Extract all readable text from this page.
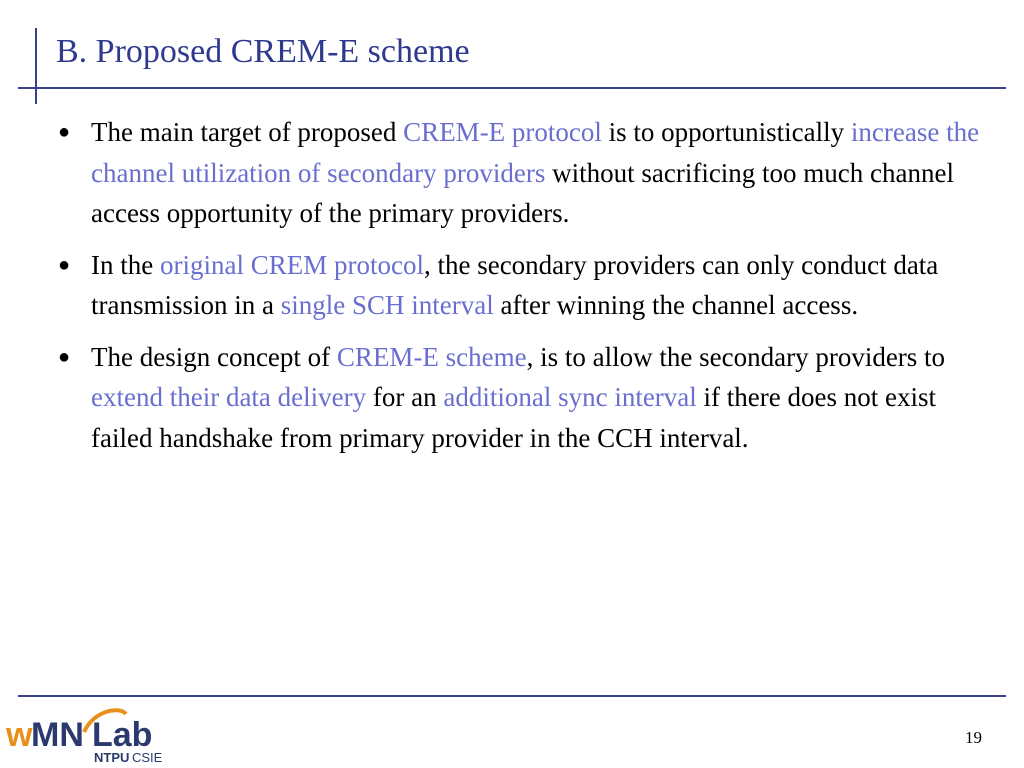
B. Proposed CREM-E scheme
● The main target of proposed CREM-E protocol is to opportunistically increase the channel utilization of secondary providers without sacrificing too much channel access opportunity of the primary providers.
● In the original CREM protocol, the secondary providers can only conduct data transmission in a single SCH interval after winning the channel access.
● The design concept of CREM-E scheme, is to allow the secondary providers to extend their data delivery for an additional sync interval if there does not exist failed handshake from primary provider in the CCH interval.
w
MN Lab
NTPU CSIE
19
